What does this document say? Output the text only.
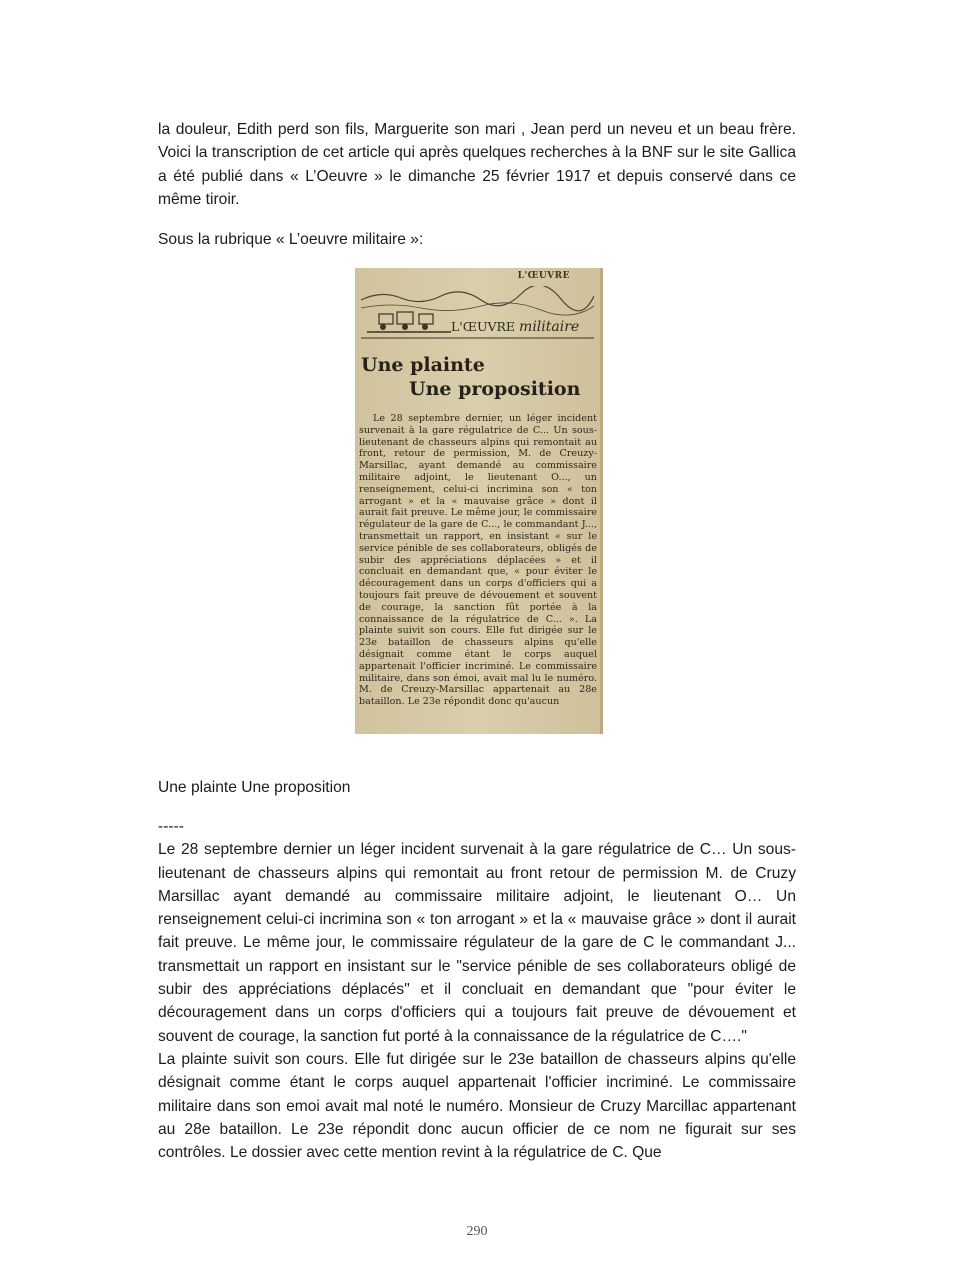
la douleur, Edith perd son fils, Marguerite son mari , Jean perd un neveu et un beau frère. Voici la transcription de cet article qui après quelques recherches à la BNF sur le site Gallica a été publié dans « L’Oeuvre » le dimanche 25 février 1917 et depuis conservé dans ce même tiroir.

Sous la rubrique « L’oeuvre militaire »:
L'ŒUVRE
L'ŒUVRE militaire
Une plainte
Une proposition
Le 28 septembre dernier, un léger incident survenait à la gare régulatrice de C... Un sous-lieutenant de chasseurs alpins qui remontait au front, retour de permission, M. de Creuzy-Marsillac, ayant demandé au commissaire militaire adjoint, le lieutenant O..., un renseignement, celui-ci incrimina son « ton arrogant » et la « mauvaise grâce » dont il aurait fait preuve. Le même jour, le commissaire régulateur de la gare de C..., le commandant J..., transmettait un rapport, en insistant « sur le service pénible de ses collaborateurs, obligés de subir des appréciations déplacées » et il concluait en demandant que, « pour éviter le découragement dans un corps d'officiers qui a toujours fait preuve de dévouement et souvent de courage, la sanction fût portée à la connaissance de la régulatrice de C... ». La plainte suivit son cours. Elle fut dirigée sur le 23e bataillon de chasseurs alpins qu'elle désignait comme étant le corps auquel appartenait l'officier incriminé. Le commissaire militaire, dans son émoi, avait mal lu le numéro. M. de Creuzy-Marsillac appartenait au 28e bataillon. Le 23e répondit donc qu'aucun
Une plainte Une proposition

-----

Le 28 septembre dernier un léger incident survenait à la gare régulatrice de C… Un sous-lieutenant de chasseurs alpins qui remontait au front retour de permission M. de Cruzy Marsillac ayant demandé au commissaire militaire adjoint, le lieutenant O… Un renseignement celui-ci incrimina son « ton arrogant » et la « mauvaise grâce » dont il aurait fait preuve. Le même jour, le commissaire régulateur de la gare de C le commandant J... transmettait un rapport en insistant sur le "service pénible de ses collaborateurs obligé de subir des appréciations déplacés" et il concluait en demandant que "pour éviter le découragement dans un corps d'officiers qui a toujours fait preuve de dévouement et souvent de courage, la sanction fut porté à la connaissance de la régulatrice de C…."

La plainte suivit son cours. Elle fut dirigée sur le 23e bataillon de chasseurs alpins qu'elle désignait comme étant le corps auquel appartenait l'officier incriminé. Le commissaire militaire dans son emoi avait mal noté le numéro. Monsieur de Cruzy Marcillac appartenant au 28e bataillon. Le 23e répondit donc aucun officier de ce nom ne figurait sur ses contrôles. Le dossier avec cette mention revint à la régulatrice de C. Que

290
